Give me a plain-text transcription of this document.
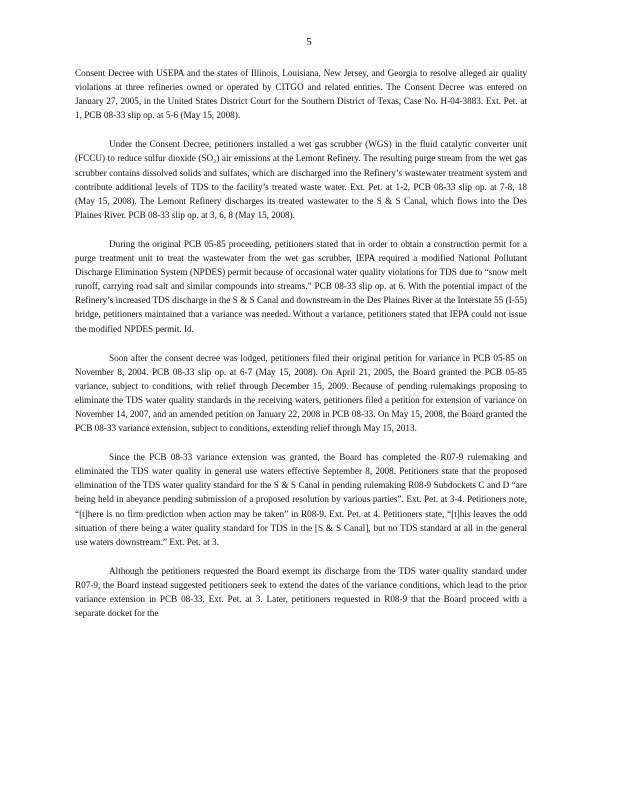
5

Consent Decree with USEPA and the states of Illinois, Louisiana, New Jersey, and Georgia to resolve alleged air quality violations at three refineries owned or operated by CITGO and related entities. The Consent Decree was entered on January 27, 2005, in the United States District Court for the Southern District of Texas, Case No. H-04-3883. Ext. Pet. at 1, PCB 08-33 slip op. at 5-6 (May 15, 2008).

Under the Consent Decree, petitioners installed a wet gas scrubber (WGS) in the fluid catalytic converter unit (FCCU) to reduce sulfur dioxide (SO₂) air emissions at the Lemont Refinery. The resulting purge stream from the wet gas scrubber contains dissolved solids and sulfates, which are discharged into the Refinery’s wastewater treatment system and contribute additional levels of TDS to the facility’s treated waste water. Ext. Pet. at 1-2, PCB 08-33 slip op. at 7-8, 18 (May 15, 2008). The Lemont Refinery discharges its treated wastewater to the S & S Canal, which flows into the Des Plaines River. PCB 08-33 slip op. at 3, 6, 8 (May 15, 2008).

During the original PCB 05-85 proceeding, petitioners stated that in order to obtain a construction permit for a purge treatment unit to treat the wastewater from the wet gas scrubber, IEPA required a modified National Pollutant Discharge Elimination System (NPDES) permit because of occasional water quality violations for TDS due to “snow melt runoff, carrying road salt and similar compounds into streams.” PCB 08-33 slip op. at 6. With the potential impact of the Refinery’s increased TDS discharge in the S & S Canal and downstream in the Des Plaines River at the Interstate 55 (I-55) bridge, petitioners maintained that a variance was needed. Without a variance, petitioners stated that IEPA could not issue the modified NPDES permit. Id.

Soon after the consent decree was lodged, petitioners filed their original petition for variance in PCB 05-85 on November 8, 2004. PCB 08-33 slip op. at 6-7 (May 15, 2008). On April 21, 2005, the Board granted the PCB 05-85 variance, subject to conditions, with relief through December 15, 2009. Because of pending rulemakings proposing to eliminate the TDS water quality standards in the receiving waters, petitioners filed a petition for extension of variance on November 14, 2007, and an amended petition on January 22, 2008 in PCB 08-33. On May 15, 2008, the Board granted the PCB 08-33 variance extension, subject to conditions, extending relief through May 15, 2013.

Since the PCB 08-33 variance extension was granted, the Board has completed the R07-9 rulemaking and eliminated the TDS water quality in general use waters effective September 8, 2008. Petitioners state that the proposed elimination of the TDS water quality standard for the S & S Canal in pending rulemaking R08-9 Subdockets C and D “are being held in abeyance pending submission of a proposed resolution by various parties”. Ext. Pet. at 3-4. Petitioners note, “[t]here is no firm prediction when action may be taken” in R08-9. Ext. Pet. at 4. Petitioners state, “[t]his leaves the odd situation of there being a water quality standard for TDS in the [S & S Canal], but no TDS standard at all in the general use waters downstream.” Ext. Pet. at 3.

Although the petitioners requested the Board exempt its discharge from the TDS water quality standard under R07-9, the Board instead suggested petitioners seek to extend the dates of the variance conditions, which lead to the prior variance extension in PCB 08-33. Ext. Pet. at 3. Later, petitioners requested in R08-9 that the Board proceed with a separate docket for the
